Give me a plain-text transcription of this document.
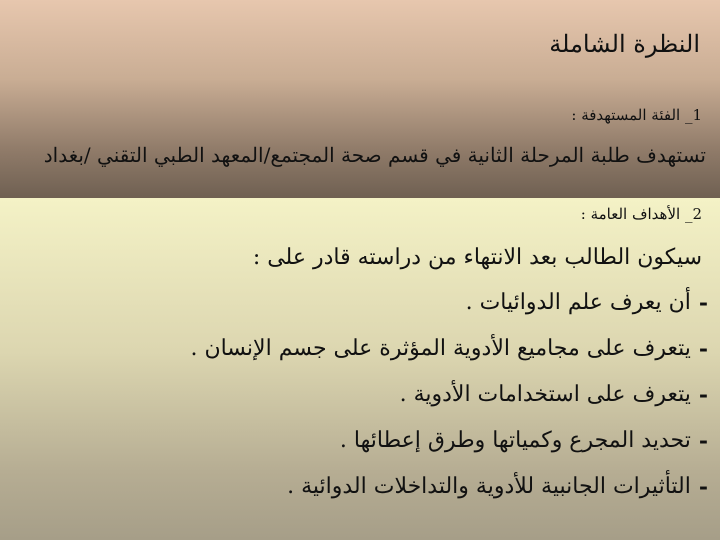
النظرة الشاملة
1_ الفئة المستهدفة :
تستهدف طلبة المرحلة الثانية في قسم صحة المجتمع/المعهد الطبي التقني /بغداد
2_ الأهداف العامة :
سيكون الطالب بعد الانتهاء من دراسته قادر على :
-
أن يعرف علم الدوائيات .
-
يتعرف على مجاميع الأدوية المؤثرة على جسم الإنسان .
-
يتعرف على استخدامات الأدوية .
-
تحديد المجرع وكمياتها وطرق إعطائها .
-
التأثيرات الجانبية للأدوية والتداخلات الدوائية .
